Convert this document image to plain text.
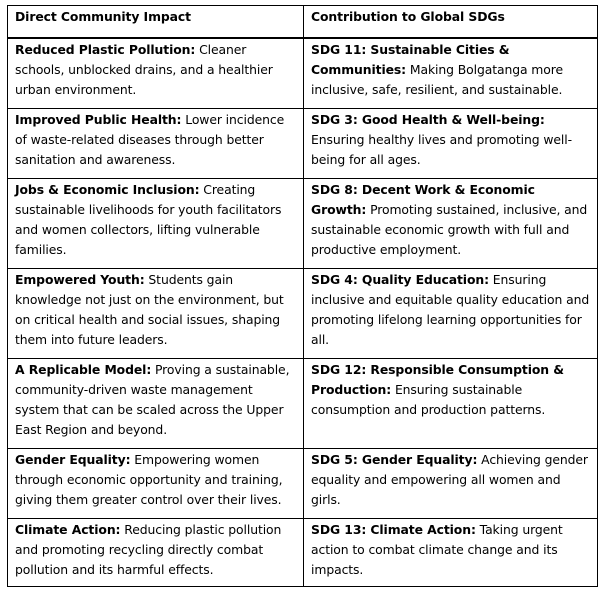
Direct Community Impact	Contribution to Global SDGs
Reduced Plastic Pollution: Cleaner schools, unblocked drains, and a healthier urban environment.	SDG 11: Sustainable Cities & Communities: Making Bolgatanga more inclusive, safe, resilient, and sustainable.
Improved Public Health: Lower incidence of waste-related diseases through better sanitation and awareness.	SDG 3: Good Health & Well-being: Ensuring healthy lives and promoting well-being for all ages.
Jobs & Economic Inclusion: Creating sustainable livelihoods for youth facilitators and women collectors, lifting vulnerable families.	SDG 8: Decent Work & Economic Growth: Promoting sustained, inclusive, and sustainable economic growth with full and productive employment.
Empowered Youth: Students gain knowledge not just on the environment, but on critical health and social issues, shaping them into future leaders.	SDG 4: Quality Education: Ensuring inclusive and equitable quality education and promoting lifelong learning opportunities for all.
A Replicable Model: Proving a sustainable, community-driven waste management system that can be scaled across the Upper East Region and beyond.	SDG 12: Responsible Consumption & Production: Ensuring sustainable consumption and production patterns.
Gender Equality: Empowering women through economic opportunity and training, giving them greater control over their lives.	SDG 5: Gender Equality: Achieving gender equality and empowering all women and girls.
Climate Action: Reducing plastic pollution and promoting recycling directly combat pollution and its harmful effects.	SDG 13: Climate Action: Taking urgent action to combat climate change and its impacts.
